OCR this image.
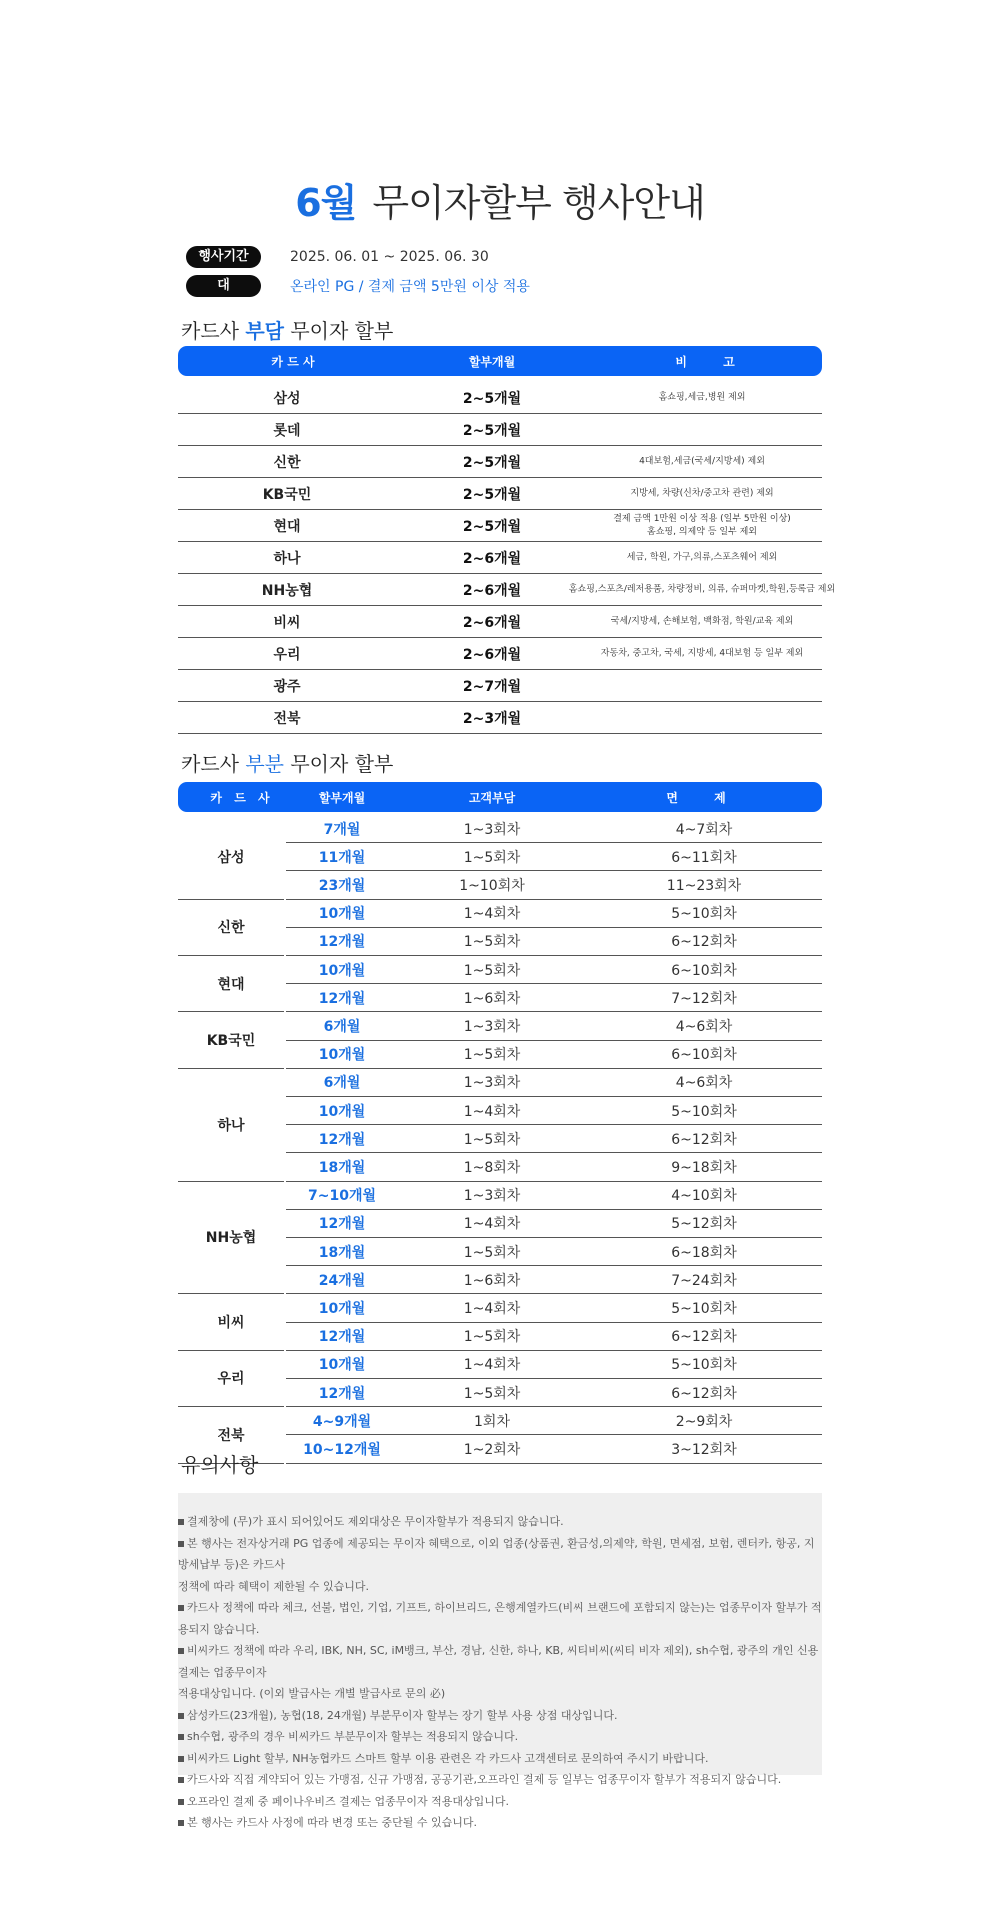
6월 무이자할부 행사안내
행사기간	2025. 06. 01 ~ 2025. 06. 30
대 상
온라인 PG / 결제 금액 5만원 이상 적용
카드사 부담 무이자 할부
카 드 사	할부개월	비 고
삼성	2~5개월	홈쇼핑,세금,병원 제외
롯데	2~5개월
신한	2~5개월	4대보험,세금(국세/지방세) 제외
KB국민	2~5개월	지방세, 차량(신차/중고차 관련) 제외
현대	2~5개월	결제 금액 1만원 이상 적용 (일부 5만원 이상)
홈쇼핑, 의제약 등 일부 제외
하나	2~6개월	세금, 학원, 가구,의류,스포츠웨어 제외
NH농협	2~6개월	홈쇼핑,스포츠/레저용품, 차량정비, 의류, 슈퍼마켓,학원,등록금 제외
비씨	2~6개월	국세/지방세, 손해보험, 백화점, 학원/교육 제외
우리	2~6개월	자동차, 중고차, 국세, 지방세, 4대보험 등 일부 제외
광주	2~7개월
전북	2~3개월
카드사 부분 무이자 할부
카 드 사	할부개월	고객부담	면 제
삼성
7개월	1~3회차	4~7회차
11개월	1~5회차	6~11회차
23개월	1~10회차	11~23회차
신한
10개월	1~4회차	5~10회차
12개월	1~5회차	6~12회차
현대
10개월	1~5회차	6~10회차
12개월	1~6회차	7~12회차
KB국민
6개월	1~3회차	4~6회차
10개월	1~5회차	6~10회차
하나
6개월	1~3회차	4~6회차
10개월	1~4회차	5~10회차
12개월	1~5회차	6~12회차
18개월	1~8회차	9~18회차
NH농협
7~10개월	1~3회차	4~10회차
12개월	1~4회차	5~12회차
18개월	1~5회차	6~18회차
24개월	1~6회차	7~24회차
비씨
10개월	1~4회차	5~10회차
12개월	1~5회차	6~12회차
우리
10개월	1~4회차	5~10회차
12개월	1~5회차	6~12회차
전북
4~9개월	1회차	2~9회차
10~12개월	1~2회차	3~12회차
유의사항
결제창에 (무)가 표시 되어있어도 제외대상은 무이자할부가 적용되지 않습니다.
본 행사는 전자상거래 PG 업종에 제공되는 무이자 혜택으로, 이외 업종(상품권, 환금성,의제약, 학원, 면세점, 보험, 렌터카, 항공, 지방세납부 등)은 카드사
정책에 따라 혜택이 제한될 수 있습니다.
카드사 정책에 따라 체크, 선불, 법인, 기업, 기프트, 하이브리드, 은행계열카드(비씨 브랜드에 포함되지 않는)는 업종무이자 할부가 적용되지 않습니다.
비씨카드 정책에 따라 우리, IBK, NH, SC, iM뱅크, 부산, 경남, 신한, 하나, KB, 씨티비씨(씨티 비자 제외), sh수협, 광주의 개인 신용 결제는 업종무이자
적용대상입니다. (이외 발급사는 개별 발급사로 문의 必)
삼성카드(23개월), 농협(18, 24개월) 부분무이자 할부는 장기 할부 사용 상점 대상입니다.
sh수협, 광주의 경우 비씨카드 부분무이자 할부는 적용되지 않습니다.
비씨카드 Light 할부, NH농협카드 스마트 할부 이용 관련은 각 카드사 고객센터로 문의하여 주시기 바랍니다.
카드사와 직접 계약되어 있는 가맹점, 신규 가맹점, 공공기관,오프라인 결제 등 일부는 업종무이자 할부가 적용되지 않습니다.
오프라인 결제 중 페이나우비즈 결제는 업종무이자 적용대상입니다.
본 행사는 카드사 사정에 따라 변경 또는 중단될 수 있습니다.
